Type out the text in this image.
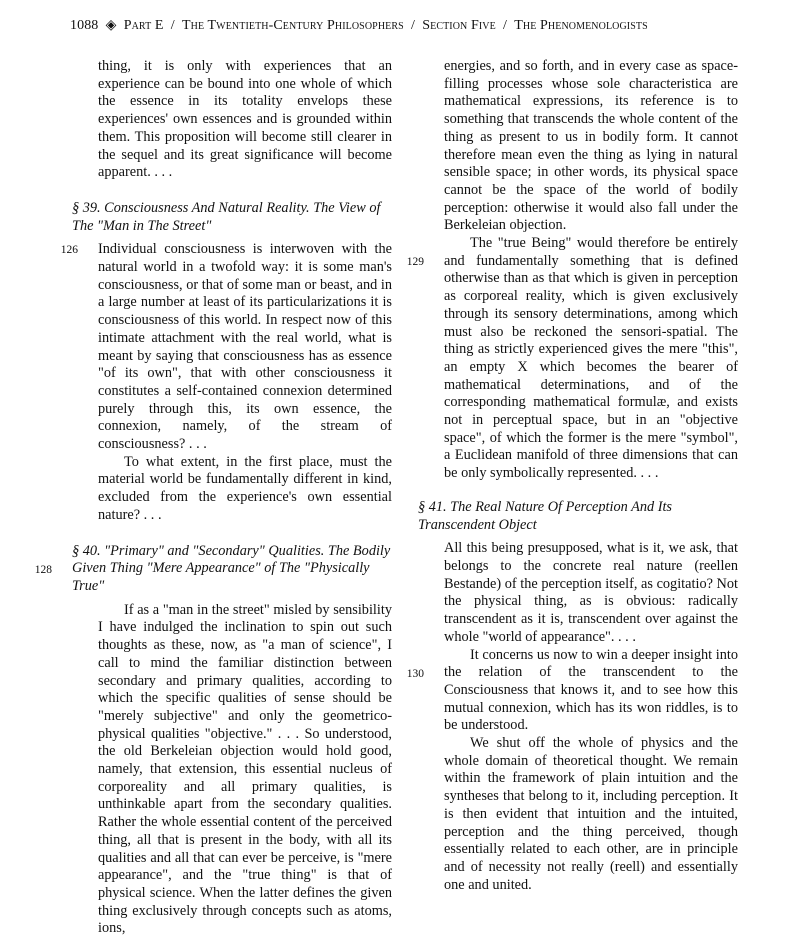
1088  ◈  Part E / The Twentieth-Century Philosophers / Section Five / The Phenomenologists

thing, it is only with experiences that an experience can be bound into one whole of which the essence in its totality envelops these experiences' own essences and is grounded within them. This proposition will become still clearer in the sequel and its great significance will become apparent. . . .

§ 39. Consciousness And Natural Reality. The View of The "Man in The Street"

126 Individual consciousness is interwoven with the natural world in a twofold way: it is some man's consciousness, or that of some man or beast, and in a large number at least of its particularizations it is consciousness of this world. In respect now of this intimate attachment with the real world, what is meant by saying that consciousness has as essence "of its own", that with other consciousness it constitutes a self-contained connexion determined purely through this, its own essence, the connexion, namely, of the stream of consciousness? . . .

To what extent, in the first place, must the material world be fundamentally different in kind, excluded from the experience's own essential nature? . . .

128

§ 40. "Primary" and "Secondary" Qualities. The Bodily Given Thing "Mere Appearance" of The "Physically True"

If as a "man in the street" misled by sensibility I have indulged the inclination to spin out such thoughts as these, now, as "a man of science", I call to mind the familiar distinction between secondary and primary qualities, according to which the specific qualities of sense should be "merely subjective" and only the geometrico-physical qualities "objective." . . . So understood, the old Berkeleian objection would hold good, namely, that extension, this essential nucleus of corporeality and all primary qualities, is unthinkable apart from the secondary qualities. Rather the whole essential content of the perceived thing, all that is present in the body, with all its qualities and all that can ever be perceive, is "mere appearance", and the "true thing" is that of physical science. When the latter defines the given thing exclusively through concepts such as atoms, ions,

energies, and so forth, and in every case as space-filling processes whose sole characteristica are mathematical expressions, its reference is to something that transcends the whole content of the thing as present to us in bodily form. It cannot therefore mean even the thing as lying in natural sensible space; in other words, its physical space cannot be the space of the world of bodily perception: otherwise it would also fall under the Berkeleian objection.

129

The "true Being" would therefore be entirely and fundamentally something that is defined otherwise than as that which is given in perception as corporeal reality, which is given exclusively through its sensory determinations, among which must also be reckoned the sensori-spatial. The thing as strictly experienced gives the mere "this", an empty X which becomes the bearer of mathematical determinations, and of the corresponding mathematical formulæ, and exists not in perceptual space, but in an "objective space", of which the former is the mere "symbol", a Euclidean manifold of three dimensions that can be only symbolically represented. . . .

§ 41. The Real Nature Of Perception And Its Transcendent Object

All this being presupposed, what is it, we ask, that belongs to the concrete real nature (reellen Bestande) of the perception itself, as cogitatio? Not the physical thing, as is obvious: radically transcendent as it is, transcendent over against the whole "world of appearance". . . .

130

It concerns us now to win a deeper insight into the relation of the transcendent to the Consciousness that knows it, and to see how this mutual connexion, which has its won riddles, is to be understood.

We shut off the whole of physics and the whole domain of theoretical thought. We remain within the framework of plain intuition and the syntheses that belong to it, including perception. It is then evident that intuition and the intuited, perception and the thing perceived, though essentially related to each other, are in principle and of necessity not really (reell) and essentially one and united.
